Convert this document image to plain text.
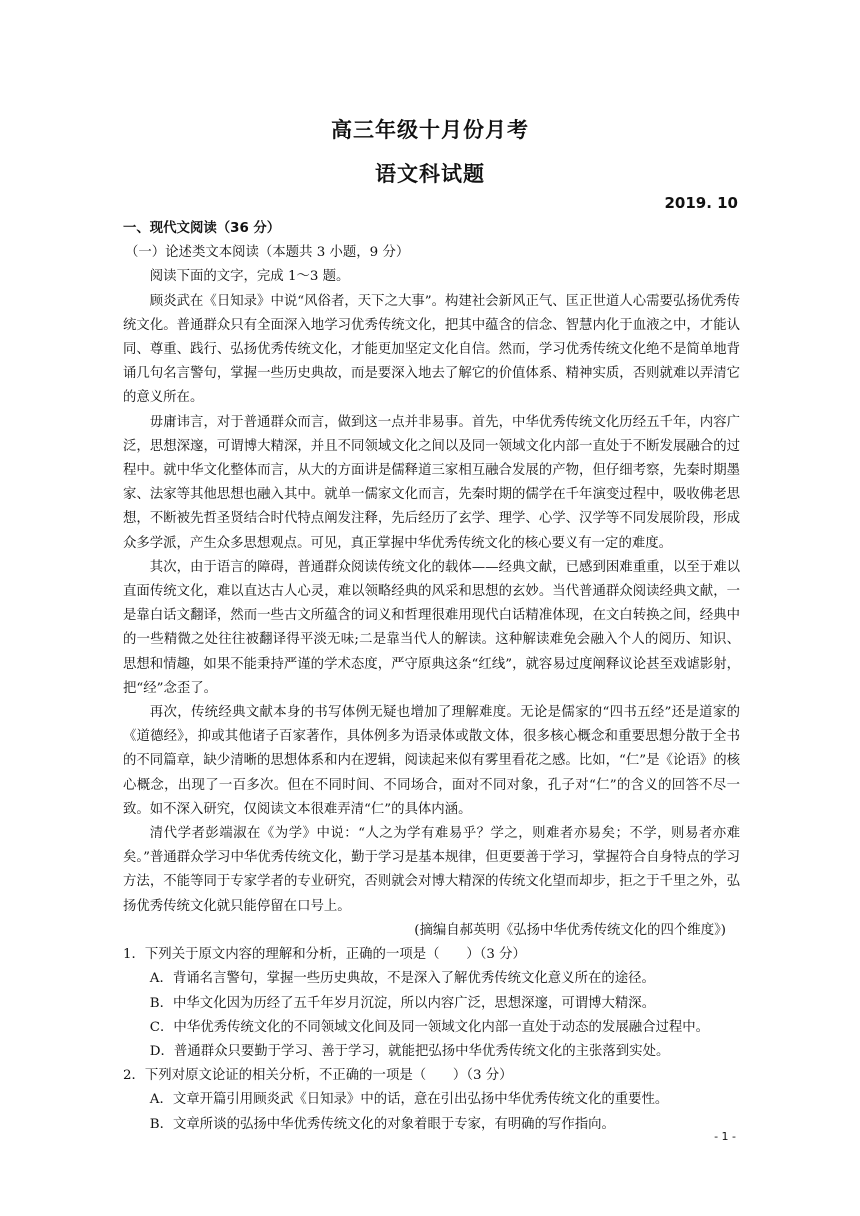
高三年级十月份月考
语文科试题
2019. 10

一、现代文阅读（36 分）

（一）论述类文本阅读（本题共 3 小题，9 分）

阅读下面的文字，完成 1～3 题。

顾炎武在《日知录》中说“风俗者，天下之大事”。构建社会新风正气、匡正世道人心需要弘扬优秀传统文化。普通群众只有全面深入地学习优秀传统文化，把其中蕴含的信念、智慧内化于血液之中，才能认同、尊重、践行、弘扬优秀传统文化，才能更加坚定文化自信。然而，学习优秀传统文化绝不是简单地背诵几句名言警句，掌握一些历史典故，而是要深入地去了解它的价值体系、精神实质，否则就难以弄清它的意义所在。

毋庸讳言，对于普通群众而言，做到这一点并非易事。首先，中华优秀传统文化历经五千年，内容广泛，思想深邃，可谓博大精深，并且不同领域文化之间以及同一领域文化内部一直处于不断发展融合的过程中。就中华文化整体而言，从大的方面讲是儒释道三家相互融合发展的产物，但仔细考察，先秦时期墨家、法家等其他思想也融入其中。就单一儒家文化而言，先秦时期的儒学在千年演变过程中，吸收佛老思想，不断被先哲圣贤结合时代特点阐发注释，先后经历了玄学、理学、心学、汉学等不同发展阶段，形成众多学派，产生众多思想观点。可见，真正掌握中华优秀传统文化的核心要义有一定的难度。

其次，由于语言的障碍，普通群众阅读传统文化的载体——经典文献，已感到困难重重，以至于难以直面传统文化，难以直达古人心灵，难以领略经典的风采和思想的玄妙。当代普通群众阅读经典文献，一是靠白话文翻译，然而一些古文所蕴含的词义和哲理很难用现代白话精准体现，在文白转换之间，经典中的一些精微之处往往被翻译得平淡无味;二是靠当代人的解读。这种解读难免会融入个人的阅历、知识、思想和情趣，如果不能秉持严谨的学术态度，严守原典这条“红线”，就容易过度阐释议论甚至戏谑影射，把“经”念歪了。

再次，传统经典文献本身的书写体例无疑也增加了理解难度。无论是儒家的“四书五经”还是道家的《道德经》，抑或其他诸子百家著作，具体例多为语录体或散文体，很多核心概念和重要思想分散于全书的不同篇章，缺少清晰的思想体系和内在逻辑，阅读起来似有雾里看花之感。比如，“仁”是《论语》的核心概念，出现了一百多次。但在不同时间、不同场合，面对不同对象，孔子对“仁”的含义的回答不尽一致。如不深入研究，仅阅读文本很难弄清“仁”的具体内涵。

清代学者彭端淑在《为学》中说：“人之为学有难易乎？学之，则难者亦易矣；不学，则易者亦难矣。”普通群众学习中华优秀传统文化，勤于学习是基本规律，但更要善于学习，掌握符合自身特点的学习方法，不能等同于专家学者的专业研究，否则就会对博大精深的传统文化望而却步，拒之于千里之外，弘扬优秀传统文化就只能停留在口号上。

(摘编自郝英明《弘扬中华优秀传统文化的四个维度》)

1．下列关于原文内容的理解和分析，正确的一项是（　　）（3 分）

A．背诵名言警句，掌握一些历史典故，不是深入了解优秀传统文化意义所在的途径。

B．中华文化因为历经了五千年岁月沉淀，所以内容广泛，思想深邃，可谓博大精深。

C．中华优秀传统文化的不同领域文化间及同一领域文化内部一直处于动态的发展融合过程中。

D．普通群众只要勤于学习、善于学习，就能把弘扬中华优秀传统文化的主张落到实处。

2．下列对原文论证的相关分析，不正确的一项是（　　）（3 分）

A．文章开篇引用顾炎武《日知录》中的话，意在引出弘扬中华优秀传统文化的重要性。

B．文章所谈的弘扬中华优秀传统文化的对象着眼于专家，有明确的写作指向。

- 1 -
